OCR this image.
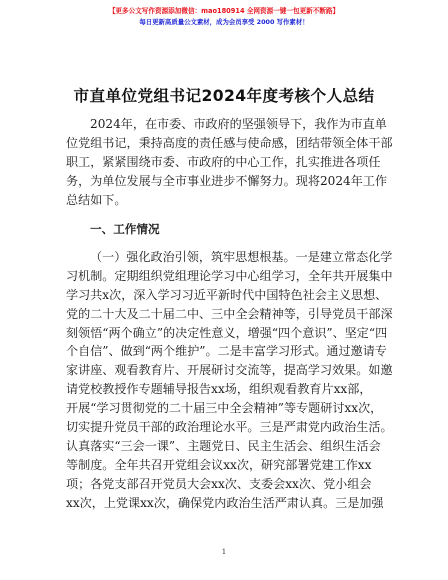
【更多公文写作资源添加微信：mao180914 全网资源一键一包更新不断路】
每日更新高质量公文素材，成为会员享受 2000 写作素材！
市直单位党组书记2024年度考核个人总结

2024年，在市委、市政府的坚强领导下，我作为市直单
位党组书记，秉持高度的责任感与使命感，团结带领全体干部
职工，紧紧围绕市委、市政府的中心工作，扎实推进各项任
务，为单位发展与全市事业进步不懈努力。现将2024年工作
总结如下。

一、工作情况

（一）强化政治引领，筑牢思想根基。一是建立常态化学
习机制。定期组织党组理论学习中心组学习，全年共开展集中
学习共x次，深入学习习近平新时代中国特色社会主义思想、
党的二十大及二十届二中、三中全会精神等，引导党员干部深
刻领悟“两个确立”的决定性意义，增强“四个意识”、坚定“四
个自信”、做到“两个维护”。二是丰富学习形式。通过邀请专
家讲座、观看教育片、开展研讨交流等，提高学习效果。如邀
请党校教授作专题辅导报告xx场，组织观看教育片xx部，
开展“学习贯彻党的二十届三中全会精神”等专题研讨xx次，
切实提升党员干部的政治理论水平。三是严肃党内政治生活。
认真落实“三会一课”、主题党日、民主生活会、组织生活会
等制度。全年共召开党组会议xx次，研究部署党建工作xx
项；各党支部召开党员大会xx次、支委会xx次、党小组会
xx次，上党课xx次，确保党内政治生活严肃认真。三是加强

1
